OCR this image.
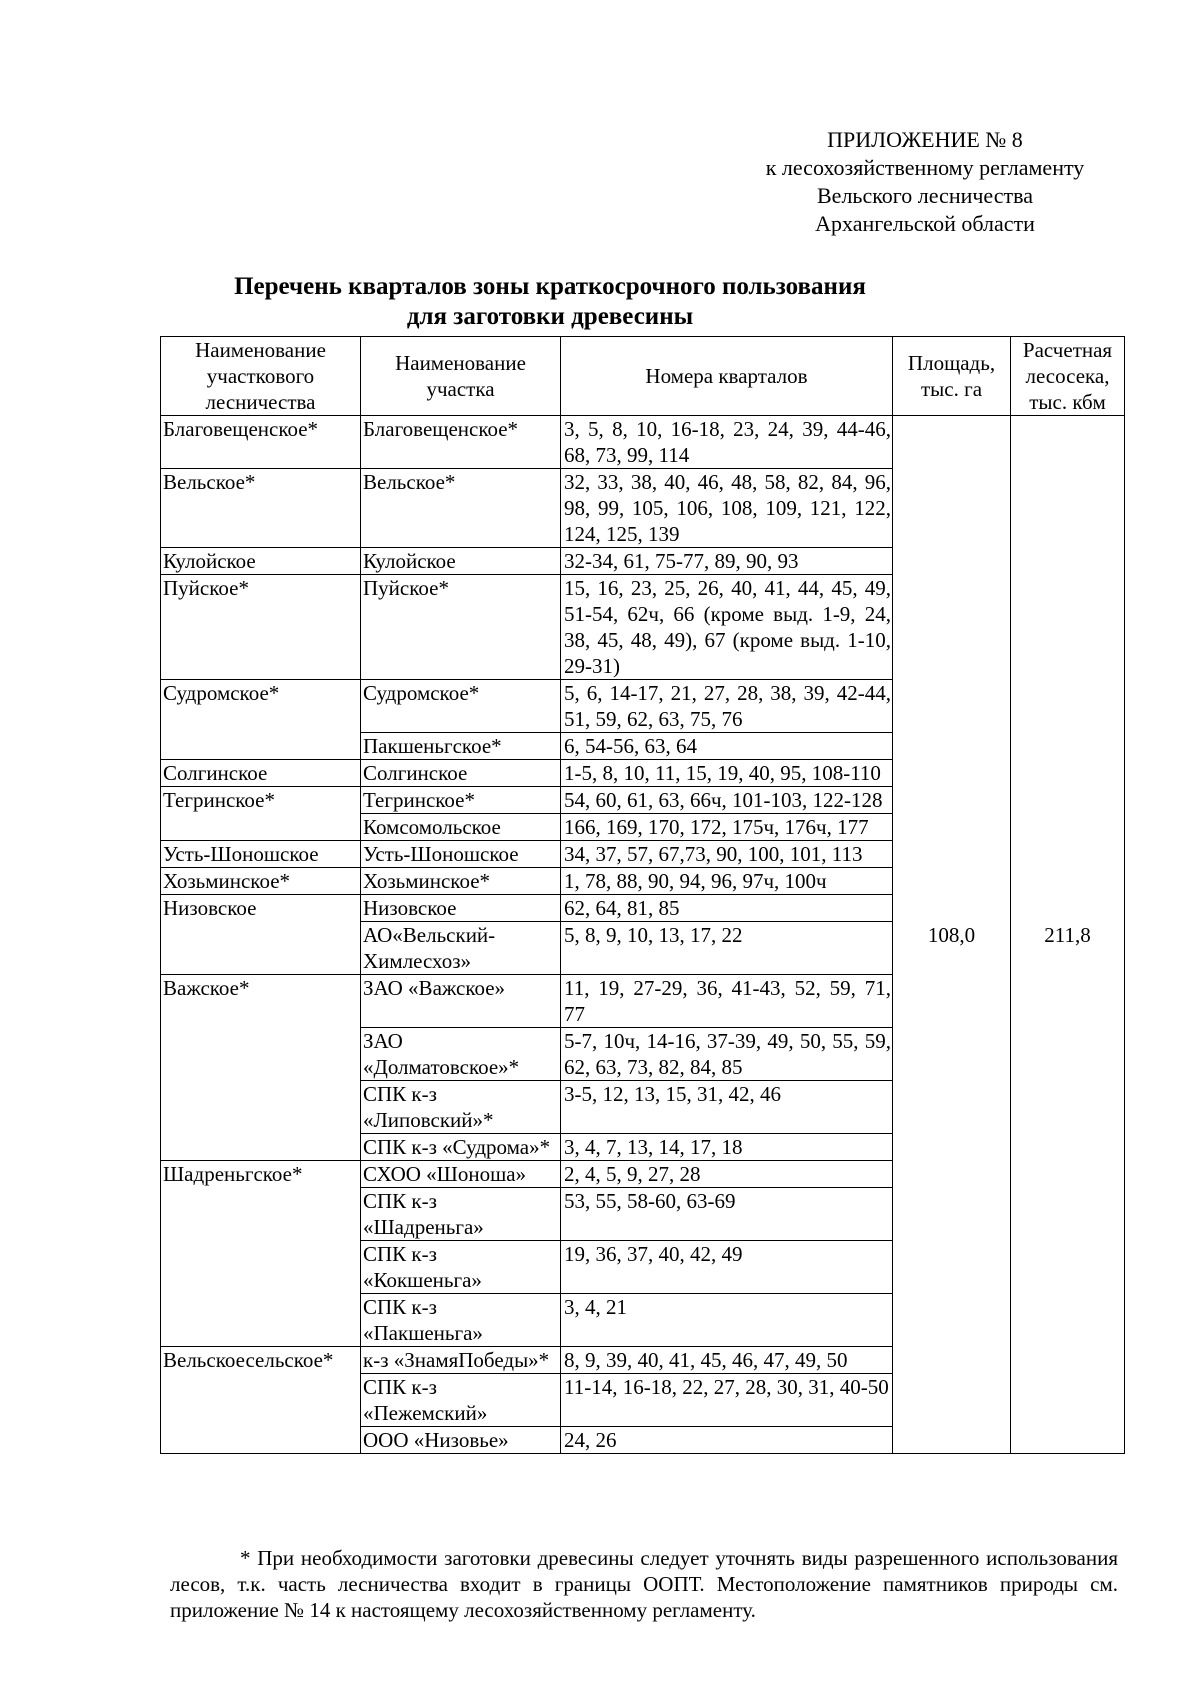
ПРИЛОЖЕНИЕ № 8
к лесохозяйственному регламенту
Вельского лесничества
Архангельской области
Перечень кварталов зоны краткосрочного пользования
для заготовки древесины
Наименование участкового лесничества	Наименование участка	Номера кварталов	Площадь, тыс. га	Расчетная лесосека, тыс. кбм
Благовещенское*	Благовещенское*	3, 5, 8, 10, 16-18, 23, 24, 39, 44-46, 68, 73, 99, 114	108,0	211,8
Вельское*	Вельское*	32, 33, 38, 40, 46, 48, 58, 82, 84, 96, 98, 99, 105, 106, 108, 109, 121, 122, 124, 125, 139		
Кулойское	Кулойское	32-34, 61, 75-77, 89, 90, 93		
Пуйское*	Пуйское*	15, 16, 23, 25, 26, 40, 41, 44, 45, 49, 51-54, 62ч, 66 (кроме выд. 1-9, 24, 38, 45, 48, 49), 67 (кроме выд. 1-10, 29-31)		
Судромское*	Судромское*	5, 6, 14-17, 21, 27, 28, 38, 39, 42-44, 51, 59, 62, 63, 75, 76		
	Пакшеньгское*	6, 54-56, 63, 64		
Солгинское	Солгинское	1-5, 8, 10, 11, 15, 19, 40, 95, 108-110		
Тегринское*	Тегринское*	54, 60, 61, 63, 66ч, 101-103, 122-128		
	Комсомольское	166, 169, 170, 172, 175ч, 176ч, 177		
Усть-Шоношское	Усть-Шоношское	34, 37, 57, 67,73, 90, 100, 101, 113		
Хозьминское*	Хозьминское*	1, 78, 88, 90, 94, 96, 97ч, 100ч		
Низовское	Низовское	62, 64, 81, 85		
	АО«Вельский-Химлесхоз»	5, 8, 9, 10, 13, 17, 22		
Важское*	ЗАО «Важское»	11, 19, 27-29, 36, 41-43, 52, 59, 71, 77		
	ЗАО «Долматовское»*	5-7, 10ч, 14-16, 37-39, 49, 50, 55, 59, 62, 63, 73, 82, 84, 85		
	СПК к-з «Липовский»*	3-5, 12, 13, 15, 31, 42, 46		
	СПК к-з «Судрома»*	3, 4, 7, 13, 14, 17, 18		
Шадреньгское*	СХОО «Шоноша»	2, 4, 5, 9, 27, 28		
	СПК к-з «Шадреньга»	53, 55, 58-60, 63-69		
	СПК к-з «Кокшеньга»	19, 36, 37, 40, 42, 49		
	СПК к-з «Пакшеньга»	3, 4, 21		
Вельскоесельское*	к-з «ЗнамяПобеды»*	8, 9, 39, 40, 41, 45, 46, 47, 49, 50		
	СПК к-з «Пежемский»	11-14, 16-18, 22, 27, 28, 30, 31, 40-50		
	ООО «Низовье»	24, 26		
* При необходимости заготовки древесины следует уточнять виды разрешенного использования лесов, т.к. часть лесничества входит в границы ООПТ. Местоположение памятников природы см. приложение № 14 к настоящему лесохозяйственному регламенту.
